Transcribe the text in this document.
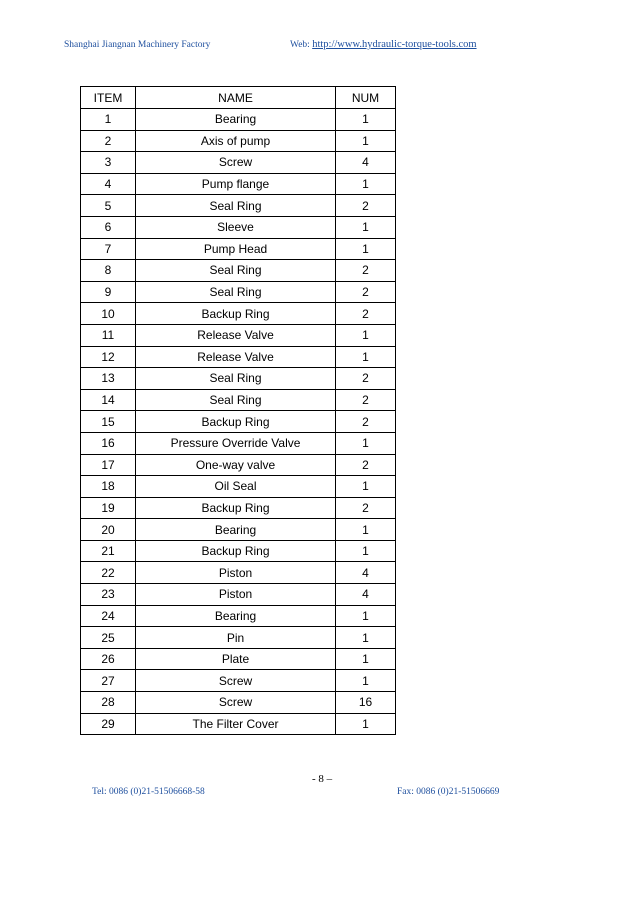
Shanghai Jiangnan Machinery Factory	Web: http://www.hydraulic-torque-tools.com
ITEM	NAME	NUM
1	Bearing	1
2	Axis of pump	1
3	Screw	4
4	Pump flange	1
5	Seal Ring	2
6	Sleeve	1
7	Pump Head	1
8	Seal Ring	2
9	Seal Ring	2
10	Backup Ring	2
11	Release Valve	1
12	Release Valve	1
13	Seal Ring	2
14	Seal Ring	2
15	Backup Ring	2
16	Pressure Override Valve	1
17	One-way valve	2
18	Oil Seal	1
19	Backup Ring	2
20	Bearing	1
21	Backup Ring	1
22	Piston	4
23	Piston	4
24	Bearing	1
25	Pin	1
26	Plate	1
27	Screw	1
28	Screw	16
29	The Filter Cover	1
- 8 –
Tel: 0086 (0)21-51506668-58	Fax: 0086 (0)21-51506669
